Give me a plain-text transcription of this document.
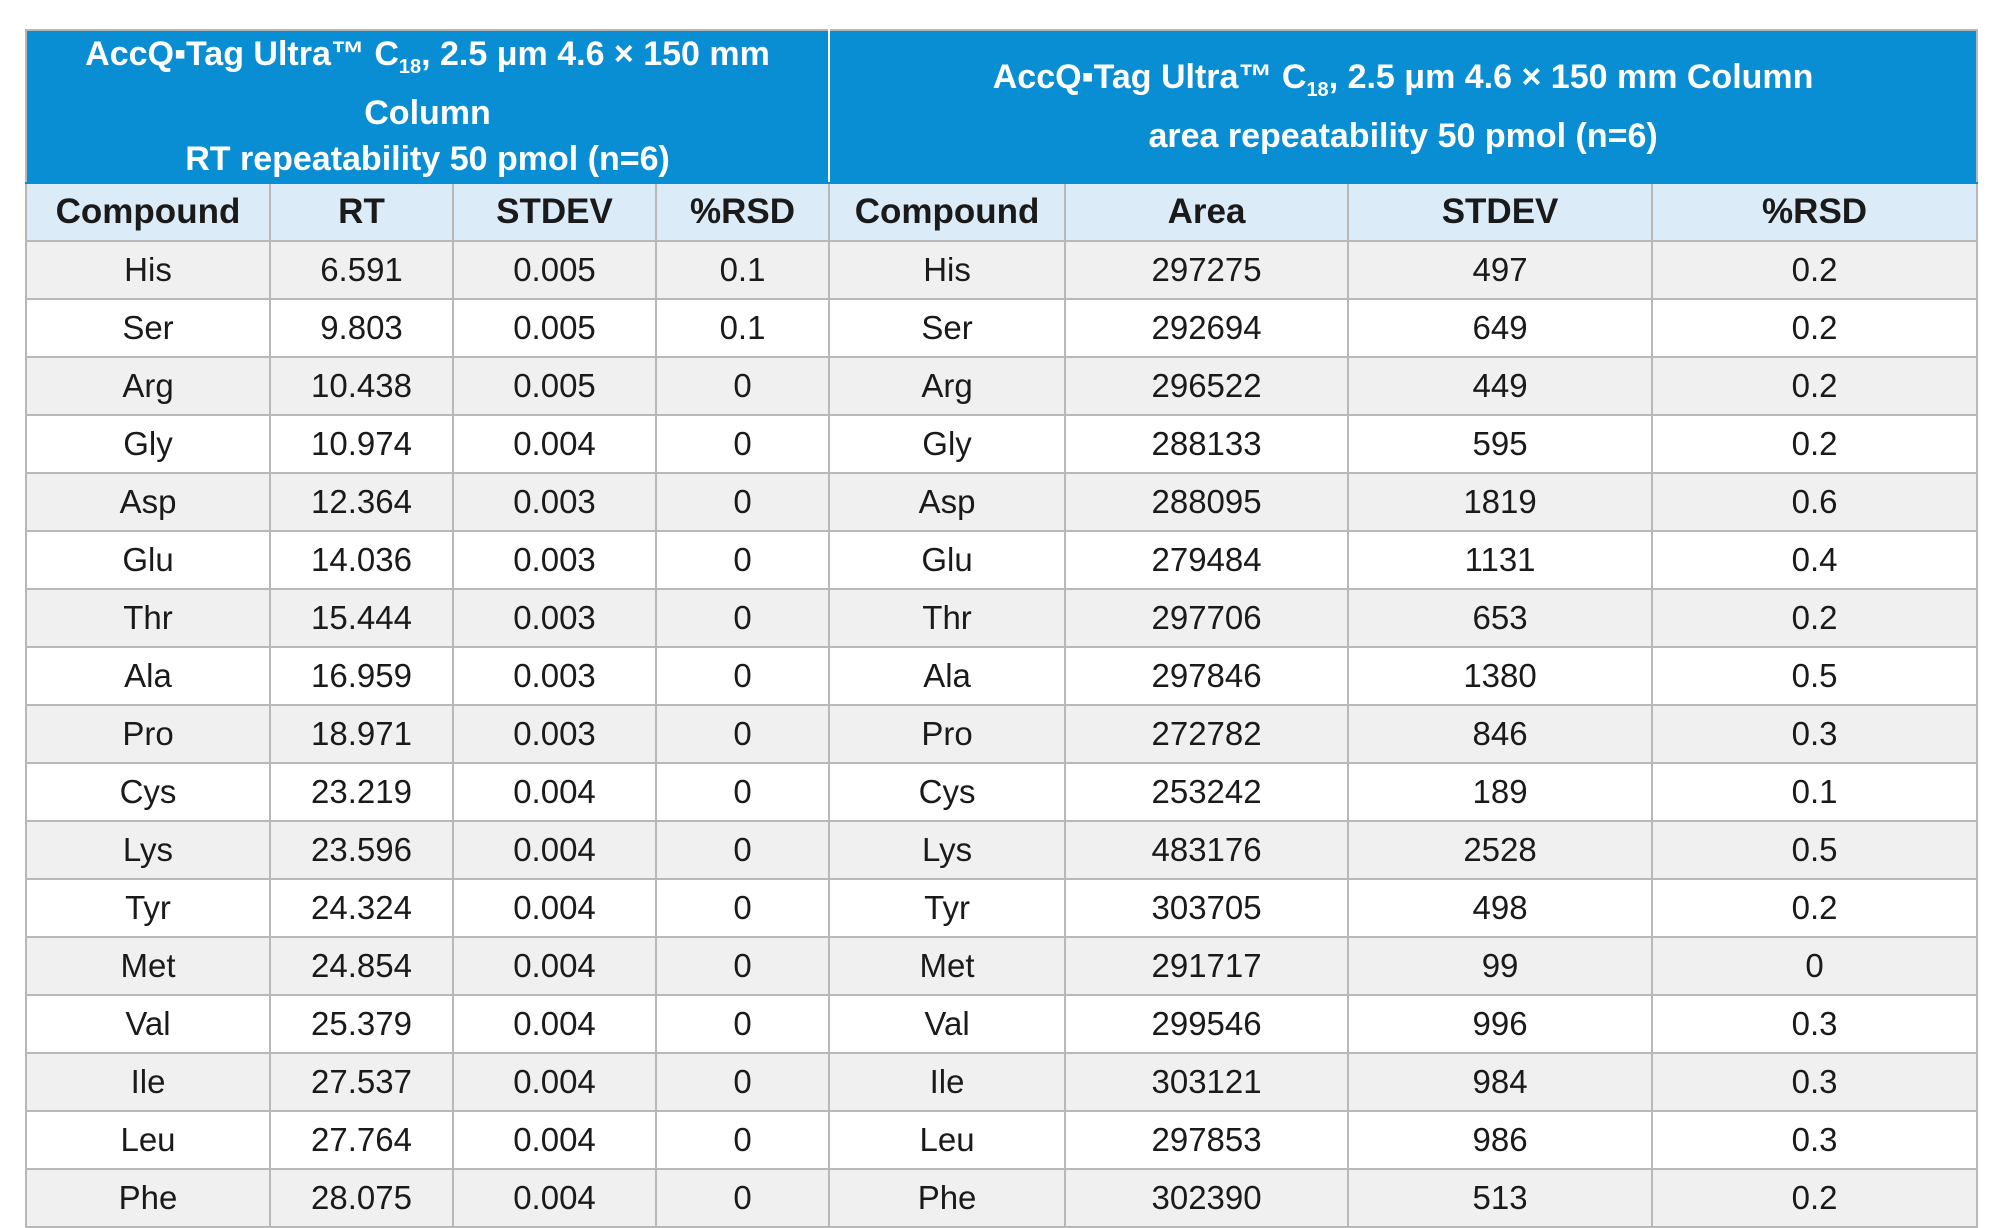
AccQ▪Tag Ultra™ $C_{18}$, 2.5 μm 4.6 × 150 mm Column
RT repeatability 50 pmol (n=6)				AccQ▪Tag Ultra™ $C_{18}$, 2.5 μm 4.6 × 150 mm Column
area repeatability 50 pmol (n=6)			

Compound	RT	STDEV	%RSD	Compound	Area	STDEV	%RSD
His	6.591	0.005	0.1	His	297275	497	0.2
Ser	9.803	0.005	0.1	Ser	292694	649	0.2
Arg	10.438	0.005	0	Arg	296522	449	0.2
Gly	10.974	0.004	0	Gly	288133	595	0.2
Asp	12.364	0.003	0	Asp	288095	1819	0.6
Glu	14.036	0.003	0	Glu	279484	1131	0.4
Thr	15.444	0.003	0	Thr	297706	653	0.2
Ala	16.959	0.003	0	Ala	297846	1380	0.5
Pro	18.971	0.003	0	Pro	272782	846	0.3
Cys	23.219	0.004	0	Cys	253242	189	0.1
Lys	23.596	0.004	0	Lys	483176	2528	0.5
Tyr	24.324	0.004	0	Tyr	303705	498	0.2
Met	24.854	0.004	0	Met	291717	99	0
Val	25.379	0.004	0	Val	299546	996	0.3
Ile	27.537	0.004	0	Ile	303121	984	0.3
Leu	27.764	0.004	0	Leu	297853	986	0.3
Phe	28.075	0.004	0	Phe	302390	513	0.2
